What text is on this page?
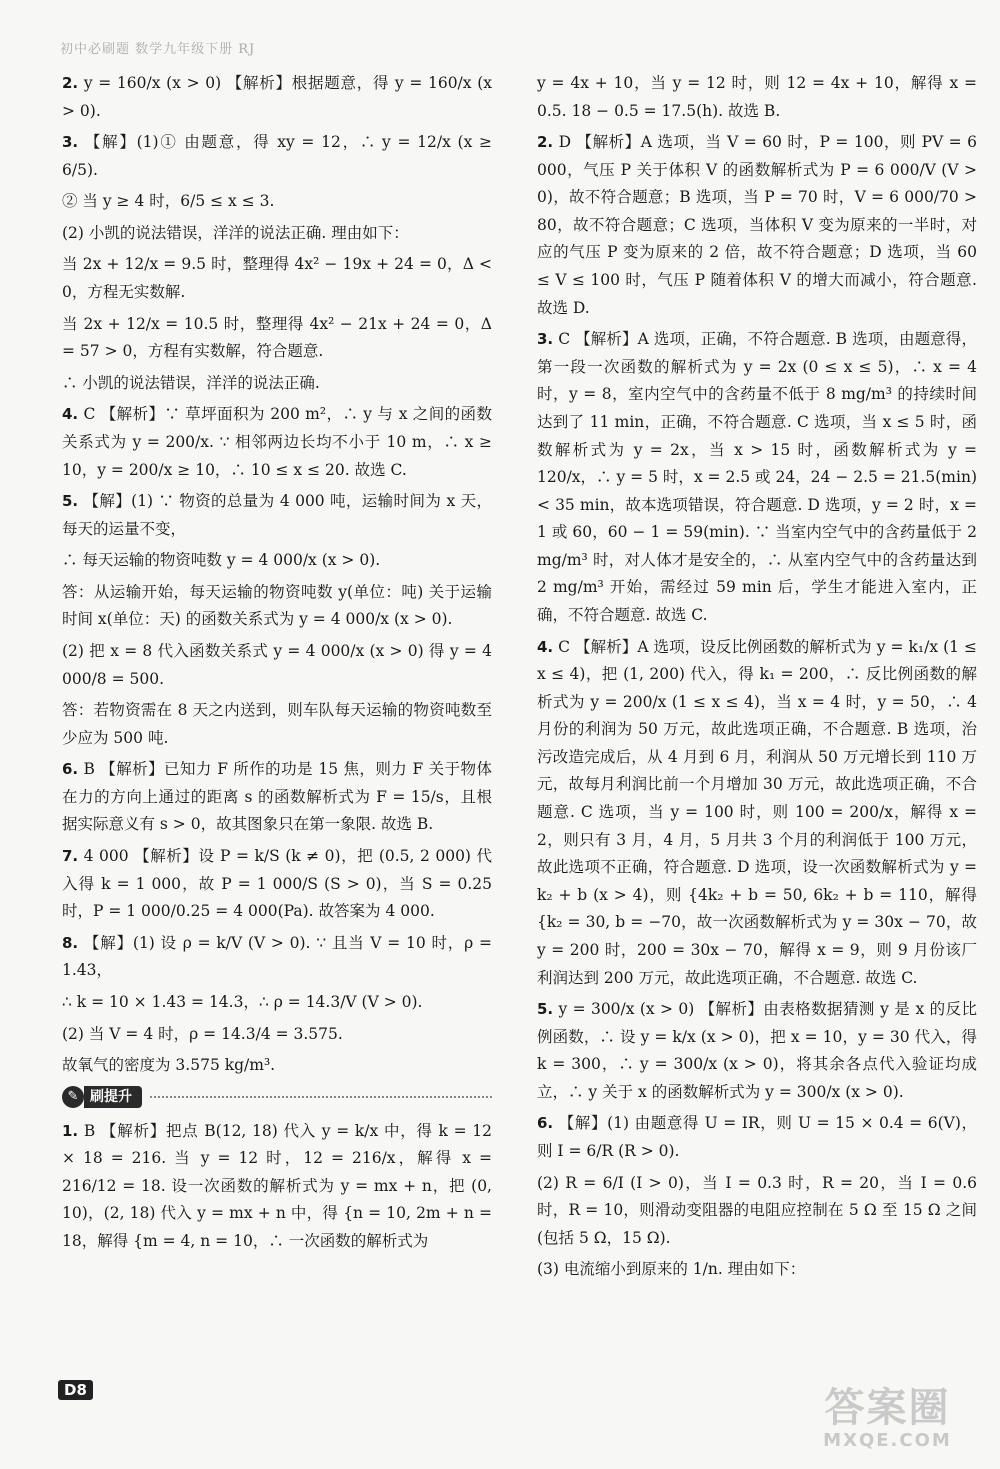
初中必刷题 数学九年级下册 RJ

2. y = 160/x (x > 0) 【解析】根据题意，得 y = 160/x (x > 0).

3. 【解】(1)① 由题意，得 xy = 12，∴ y = 12/x (x ≥ 6/5).

② 当 y ≥ 4 时，6/5 ≤ x ≤ 3.

(2) 小凯的说法错误，洋洋的说法正确. 理由如下：

当 2x + 12/x = 9.5 时，整理得 4x² − 19x + 24 = 0，Δ < 0，方程无实数解.

当 2x + 12/x = 10.5 时，整理得 4x² − 21x + 24 = 0，Δ = 57 > 0，方程有实数解，符合题意.

∴ 小凯的说法错误，洋洋的说法正确.

4. C 【解析】∵ 草坪面积为 200 m²，∴ y 与 x 之间的函数关系式为 y = 200/x. ∵ 相邻两边长均不小于 10 m，∴ x ≥ 10，y = 200/x ≥ 10，∴ 10 ≤ x ≤ 20. 故选 C.

5. 【解】(1) ∵ 物资的总量为 4 000 吨，运输时间为 x 天，每天的运量不变，

∴ 每天运输的物资吨数 y = 4 000/x (x > 0).

答：从运输开始，每天运输的物资吨数 y(单位：吨) 关于运输时间 x(单位：天) 的函数关系式为 y = 4 000/x (x > 0).

(2) 把 x = 8 代入函数关系式 y = 4 000/x (x > 0) 得 y = 4 000/8 = 500.

答：若物资需在 8 天之内送到，则车队每天运输的物资吨数至少应为 500 吨.

6. B 【解析】已知力 F 所作的功是 15 焦，则力 F 关于物体在力的方向上通过的距离 s 的函数解析式为 F = 15/s，且根据实际意义有 s > 0，故其图象只在第一象限. 故选 B.

7. 4 000 【解析】设 P = k/S (k ≠ 0)，把 (0.5, 2 000) 代入得 k = 1 000，故 P = 1 000/S (S > 0)，当 S = 0.25 时，P = 1 000/0.25 = 4 000(Pa). 故答案为 4 000.

8. 【解】(1) 设 ρ = k/V (V > 0). ∵ 且当 V = 10 时，ρ = 1.43，

∴ k = 10 × 1.43 = 14.3，∴ ρ = 14.3/V (V > 0).

(2) 当 V = 4 时，ρ = 14.3/4 = 3.575.

故氧气的密度为 3.575 kg/m³.

✎ 刷提升

1. B 【解析】把点 B(12, 18) 代入 y = k/x 中，得 k = 12 × 18 = 216. 当 y = 12 时，12 = 216/x，解得 x = 216/12 = 18. 设一次函数的解析式为 y = mx + n，把 (0, 10)，(2, 18) 代入 y = mx + n 中，得 {n = 10, 2m + n = 18，解得 {m = 4, n = 10，∴ 一次函数的解析式为

y = 4x + 10，当 y = 12 时，则 12 = 4x + 10，解得 x = 0.5. 18 − 0.5 = 17.5(h). 故选 B.

2. D 【解析】A 选项，当 V = 60 时，P = 100，则 PV = 6 000，气压 P 关于体积 V 的函数解析式为 P = 6 000/V (V > 0)，故不符合题意；B 选项，当 P = 70 时，V = 6 000/70 > 80，故不符合题意；C 选项，当体积 V 变为原来的一半时，对应的气压 P 变为原来的 2 倍，故不符合题意；D 选项，当 60 ≤ V ≤ 100 时，气压 P 随着体积 V 的增大而减小，符合题意. 故选 D.

3. C 【解析】A 选项，正确，不符合题意. B 选项，由题意得，第一段一次函数的解析式为 y = 2x (0 ≤ x ≤ 5)，∴ x = 4 时，y = 8，室内空气中的含药量不低于 8 mg/m³ 的持续时间达到了 11 min，正确，不符合题意. C 选项，当 x ≤ 5 时，函数解析式为 y = 2x，当 x > 15 时，函数解析式为 y = 120/x，∴ y = 5 时，x = 2.5 或 24，24 − 2.5 = 21.5(min) < 35 min，故本选项错误，符合题意. D 选项，y = 2 时，x = 1 或 60，60 − 1 = 59(min). ∵ 当室内空气中的含药量低于 2 mg/m³ 时，对人体才是安全的，∴ 从室内空气中的含药量达到 2 mg/m³ 开始，需经过 59 min 后，学生才能进入室内，正确，不符合题意. 故选 C.

4. C 【解析】A 选项，设反比例函数的解析式为 y = k₁/x (1 ≤ x ≤ 4)，把 (1, 200) 代入，得 k₁ = 200，∴ 反比例函数的解析式为 y = 200/x (1 ≤ x ≤ 4)，当 x = 4 时，y = 50，∴ 4 月份的利润为 50 万元，故此选项正确，不合题意. B 选项，治污改造完成后，从 4 月到 6 月，利润从 50 万元增长到 110 万元，故每月利润比前一个月增加 30 万元，故此选项正确，不合题意. C 选项，当 y = 100 时，则 100 = 200/x，解得 x = 2，则只有 3 月，4 月，5 月共 3 个月的利润低于 100 万元，故此选项不正确，符合题意. D 选项，设一次函数解析式为 y = k₂ + b (x > 4)，则 {4k₂ + b = 50, 6k₂ + b = 110，解得 {k₂ = 30, b = −70，故一次函数解析式为 y = 30x − 70，故 y = 200 时，200 = 30x − 70，解得 x = 9，则 9 月份该厂利润达到 200 万元，故此选项正确，不合题意. 故选 C.

5. y = 300/x (x > 0) 【解析】由表格数据猜测 y 是 x 的反比例函数，∴ 设 y = k/x (x > 0)，把 x = 10，y = 30 代入，得 k = 300，∴ y = 300/x (x > 0)，将其余各点代入验证均成立，∴ y 关于 x 的函数解析式为 y = 300/x (x > 0).

6. 【解】(1) 由题意得 U = IR，则 U = 15 × 0.4 = 6(V)，则 I = 6/R (R > 0).

(2) R = 6/I (I > 0)，当 I = 0.3 时，R = 20，当 I = 0.6 时，R = 10，则滑动变阻器的电阻应控制在 5 Ω 至 15 Ω 之间(包括 5 Ω，15 Ω).

(3) 电流缩小到原来的 1/n. 理由如下：

D8	答案圈
MXQE.COM
